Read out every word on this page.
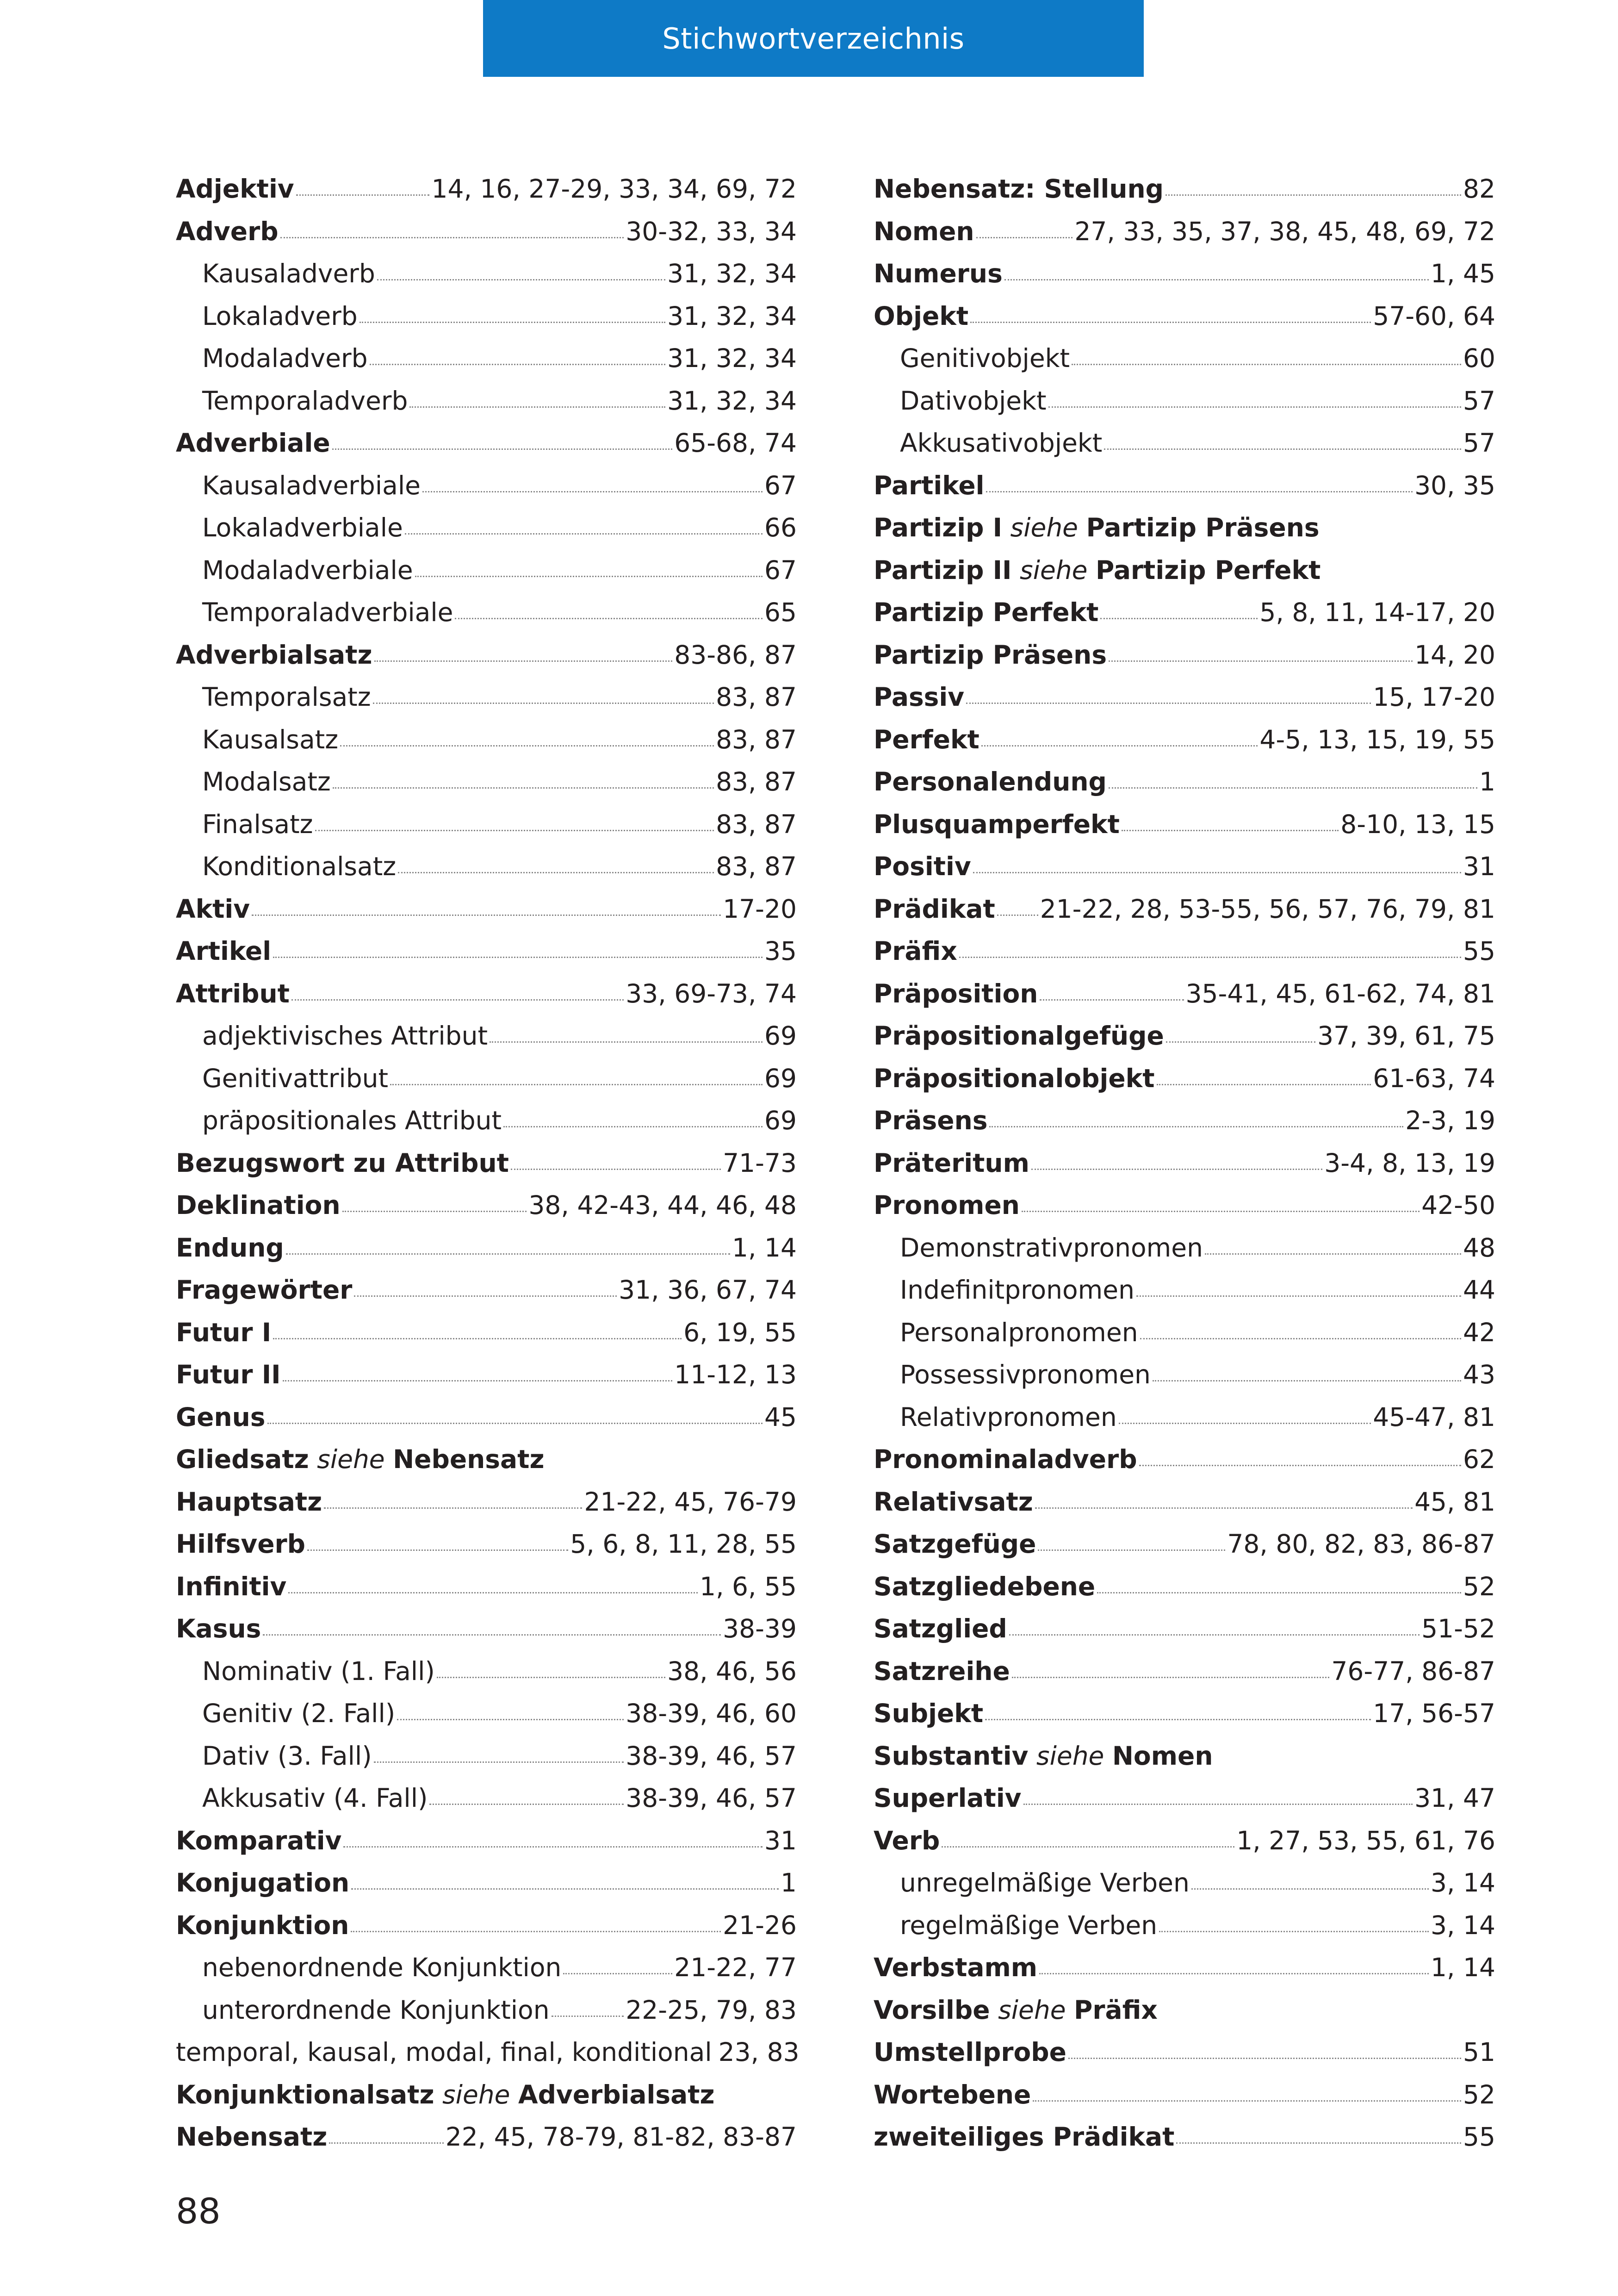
Stichwortverzeichnis
Adjektiv	14, 16, 27-29, 33, 34, 69, 72
Adverb	30-32, 33, 34
Kausaladverb	31, 32, 34
Lokaladverb	31, 32, 34
Modaladverb	31, 32, 34
Temporaladverb	31, 32, 34
Adverbiale	65-68, 74
Kausaladverbiale	67
Lokaladverbiale	66
Modaladverbiale	67
Temporaladverbiale	65
Adverbialsatz	83-86, 87
Temporalsatz	83, 87
Kausalsatz	83, 87
Modalsatz	83, 87
Finalsatz	83, 87
Konditionalsatz	83, 87
Aktiv	17-20
Artikel	35
Attribut	33, 69-73, 74
adjektivisches Attribut	69
Genitivattribut	69
präpositionales Attribut	69
Bezugswort zu Attribut	71-73
Deklination	38, 42-43, 44, 46, 48
Endung	1, 14
Fragewörter	31, 36, 67, 74
Futur I	6, 19, 55
Futur II	11-12, 13
Genus	45
Gliedsatz siehe Nebensatz
Hauptsatz	21-22, 45, 76-79
Hilfsverb	5, 6, 8, 11, 28, 55
Infinitiv	1, 6, 55
Kasus	38-39
Nominativ (1. Fall)	38, 46, 56
Genitiv (2. Fall)	38-39, 46, 60
Dativ (3. Fall)	38-39, 46, 57
Akkusativ (4. Fall)	38-39, 46, 57
Komparativ	31
Konjugation	1
Konjunktion	21-26
nebenordnende Konjunktion	21-22, 77
unterordnende Konjunktion	22-25, 79, 83
temporal, kausal, modal, final, konditional 23, 83
Konjunktionalsatz siehe Adverbialsatz
Nebensatz	22, 45, 78-79, 81-82, 83-87
Nebensatz: Stellung	82
Nomen	27, 33, 35, 37, 38, 45, 48, 69, 72
Numerus	1, 45
Objekt	57-60, 64
Genitivobjekt	60
Dativobjekt	57
Akkusativobjekt	57
Partikel	30, 35
Partizip I siehe Partizip Präsens
Partizip II siehe Partizip Perfekt
Partizip Perfekt	5, 8, 11, 14-17, 20
Partizip Präsens	14, 20
Passiv	15, 17-20
Perfekt	4-5, 13, 15, 19, 55
Personalendung	1
Plusquamperfekt	8-10, 13, 15
Positiv	31
Prädikat 21-22, 28, 53-55, 56, 57, 76, 79, 81
Präfix	55
Präposition	35-41, 45, 61-62, 74, 81
Präpositionalgefüge	37, 39, 61, 75
Präpositionalobjekt	61-63, 74
Präsens	2-3, 19
Präteritum	3-4, 8, 13, 19
Pronomen	42-50
Demonstrativpronomen	48
Indefinitpronomen	44
Personalpronomen	42
Possessivpronomen	43
Relativpronomen	45-47, 81
Pronominaladverb	62
Relativsatz	45, 81
Satzgefüge	78, 80, 82, 83, 86-87
Satzgliedebene	52
Satzglied	51-52
Satzreihe	76-77, 86-87
Subjekt	17, 56-57
Substantiv siehe Nomen
Superlativ	31, 47
Verb	1, 27, 53, 55, 61, 76
unregelmäßige Verben	3, 14
regelmäßige Verben	3, 14
Verbstamm	1, 14
Vorsilbe siehe Präfix
Umstellprobe	51
Wortebene	52
zweiteiliges Prädikat	55
88
